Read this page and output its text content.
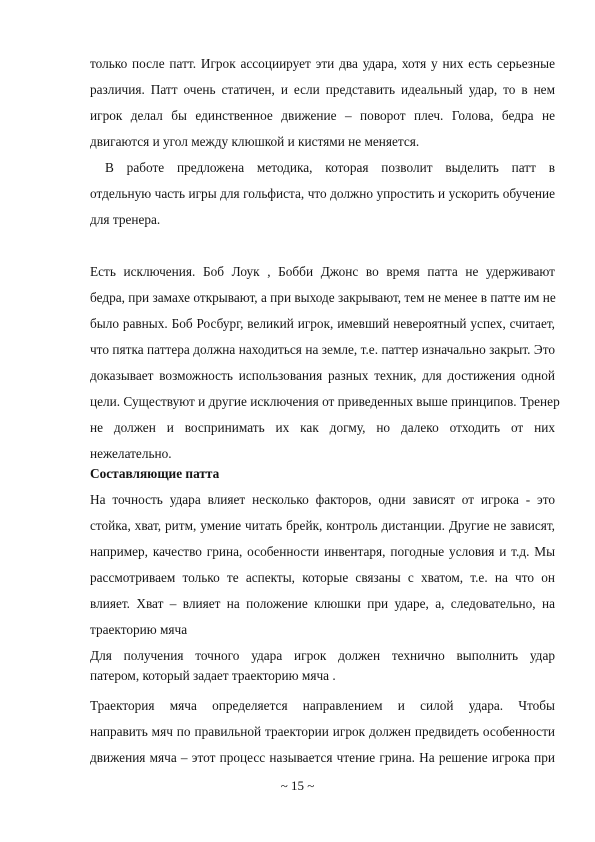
только после патт. Игрок ассоциирует эти два удара, хотя у них есть серьезные
различия. Патт очень статичен, и если представить идеальный удар, то в нем
игрок делал бы единственное движение – поворот плеч. Голова, бедра не
двигаются и угол между клюшкой и кистями не меняется.
В работе предложена методика, которая позволит выделить патт в
отдельную часть игры для гольфиста, что должно упростить и ускорить обучение
для тренера.
Есть исключения. Боб Лоук , Бобби Джонс во время патта не удерживают
бедра, при замахе открывают, а при выходе закрывают, тем не менее в патте им не
было равных. Боб Росбург, великий игрок, имевший невероятный успех, считает,
что пятка паттера должна находиться на земле, т.е. паттер изначально закрыт. Это
доказывает возможность использования разных техник, для достижения одной
цели. Существуют и другие исключения от приведенных выше принципов. Тренер
не должен и воспринимать их как догму, но далеко отходить от них
нежелательно.
Составляющие патта
На точность удара влияет несколько факторов, одни зависят от игрока - это
стойка, хват, ритм, умение читать брейк, контроль дистанции. Другие не зависят,
например, качество грина, особенности инвентаря, погодные условия и т.д. Мы
рассмотриваем только те аспекты, которые связаны с хватом, т.е. на что он
влияет. Хват – влияет на положение клюшки при ударе, а, следовательно, на
траекторию мяча
Для получения точного удара игрок должен технично выполнить удар
патером, который задает траекторию мяча .
Траектория мяча определяется направлением и силой удара. Чтобы
направить мяч по правильной траектории игрок должен предвидеть особенности
движения мяча – этот процесс называется чтение грина. На решение игрока при
~ 15 ~
